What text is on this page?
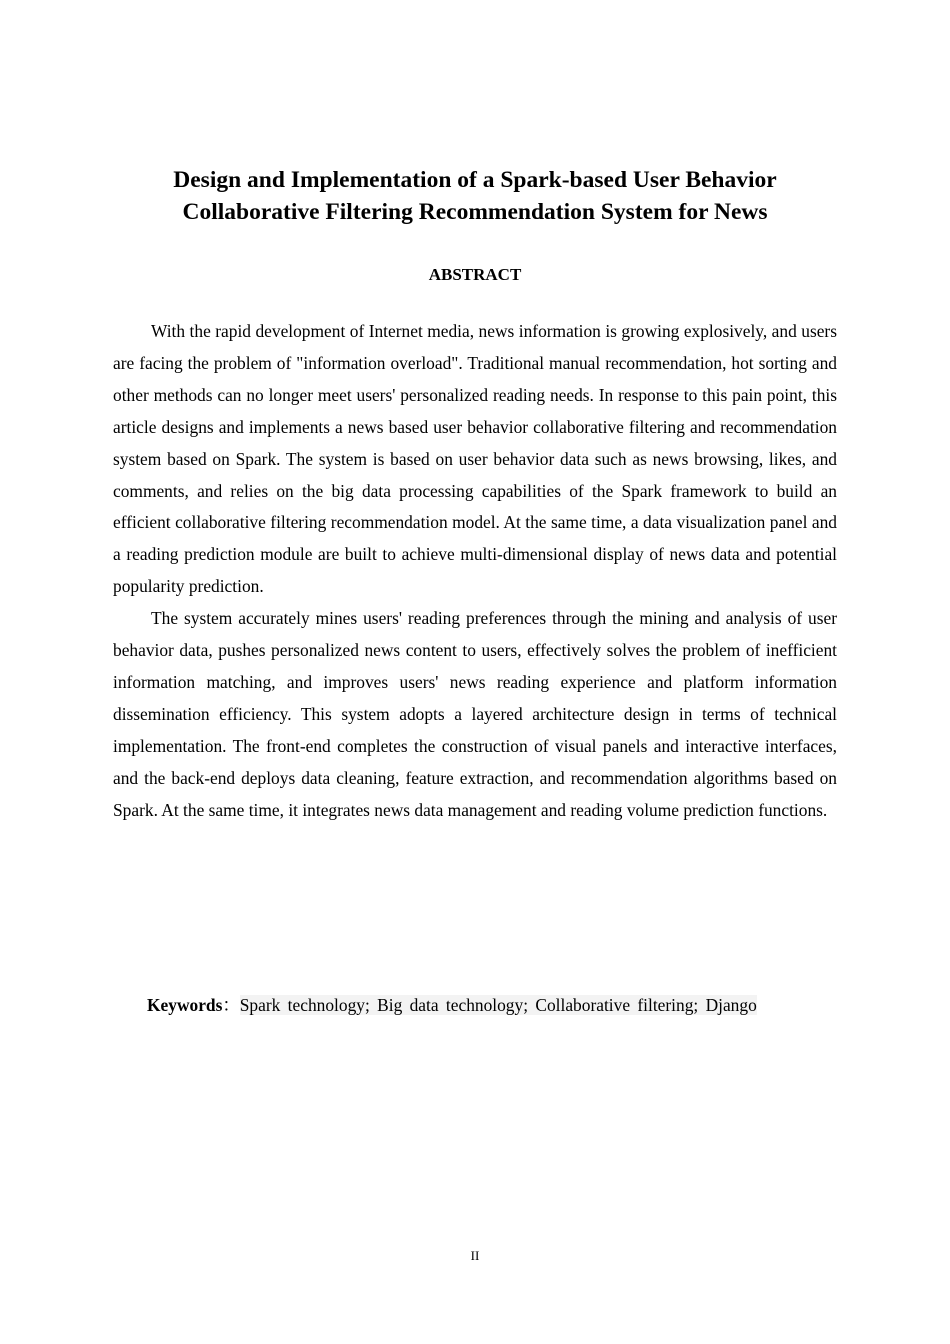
Design and Implementation of a Spark-based User Behavior
Collaborative Filtering Recommendation System for News
ABSTRACT

With the rapid development of Internet media, news information is growing explosively, and users are facing the problem of "information overload". Traditional manual recommendation, hot sorting and other methods can no longer meet users' personalized reading needs. In response to this pain point, this article designs and implements a news based user behavior collaborative filtering and recommendation system based on Spark. The system is based on user behavior data such as news browsing, likes, and comments, and relies on the big data processing capabilities of the Spark framework to build an efficient collaborative filtering recommendation model. At the same time, a data visualization panel and a reading prediction module are built to achieve multi-dimensional display of news data and potential popularity prediction.

The system accurately mines users' reading preferences through the mining and analysis of user behavior data, pushes personalized news content to users, effectively solves the problem of inefficient information matching, and improves users' news reading experience and platform information dissemination efficiency. This system adopts a layered architecture design in terms of technical implementation. The front-end completes the construction of visual panels and interactive interfaces, and the back-end deploys data cleaning, feature extraction, and recommendation algorithms based on Spark. At the same time, it integrates news data management and reading volume prediction functions.

Keywords：Spark technology; Big data technology; Collaborative filtering; Django

II
